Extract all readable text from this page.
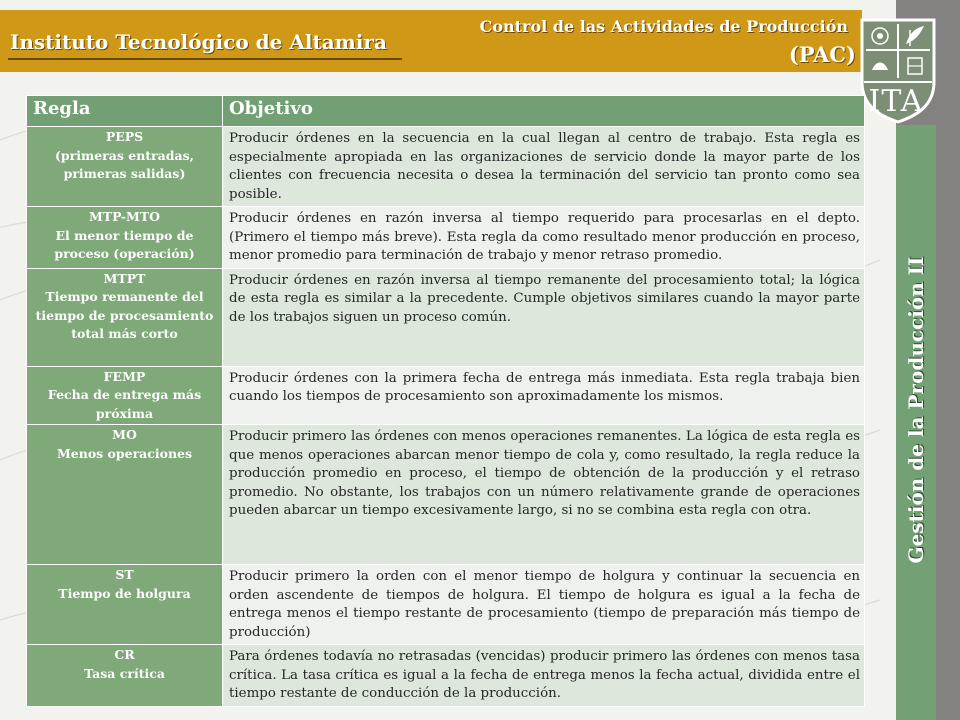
Instituto Tecnológico de Altamira
Control de las Actividades de Producción
(PAC)
Gestión de la Producción II
ITA
Regla	Objetivo

PEPS
(primeras entradas, primeras salidas)	Producir órdenes en la secuencia en la cual llegan al centro de trabajo. Esta regla es especialmente apropiada en las organizaciones de servicio donde la mayor parte de los clientes con frecuencia necesita o desea la terminación del servicio tan pronto como sea posible.

MTP-MTO
El menor tiempo de proceso (operación)	Producir órdenes en razón inversa al tiempo requerido para procesarlas en el depto. (Primero el tiempo más breve). Esta regla da como resultado menor producción en proceso, menor promedio para terminación de trabajo y menor retraso promedio.

MTPT
Tiempo remanente del tiempo de procesamiento total más corto	Producir órdenes en razón inversa al tiempo remanente del procesamiento total; la lógica de esta regla es similar a la precedente. Cumple objetivos similares cuando la mayor parte de los trabajos siguen un proceso común.

FEMP
Fecha de entrega más próxima	Producir órdenes con la primera fecha de entrega más inmediata. Esta regla trabaja bien cuando los tiempos de procesamiento son aproximadamente los mismos.

MO
Menos operaciones	Producir primero las órdenes con menos operaciones remanentes. La lógica de esta regla es que menos operaciones abarcan menor tiempo de cola y, como resultado, la regla reduce la producción promedio en proceso, el tiempo de obtención de la producción y el retraso promedio. No obstante, los trabajos con un número relativamente grande de operaciones pueden abarcar un tiempo excesivamente largo, si no se combina esta regla con otra.

ST
Tiempo de holgura	Producir primero la orden con el menor tiempo de holgura y continuar la secuencia en orden ascendente de tiempos de holgura. El tiempo de holgura es igual a la fecha de entrega menos el tiempo restante de procesamiento (tiempo de preparación más tiempo de producción)

CR
Tasa crítica	Para órdenes todavía no retrasadas (vencidas) producir primero las órdenes con menos tasa crítica. La tasa crítica es igual a la fecha de entrega menos la fecha actual, dividida entre el tiempo restante de conducción de la producción.
